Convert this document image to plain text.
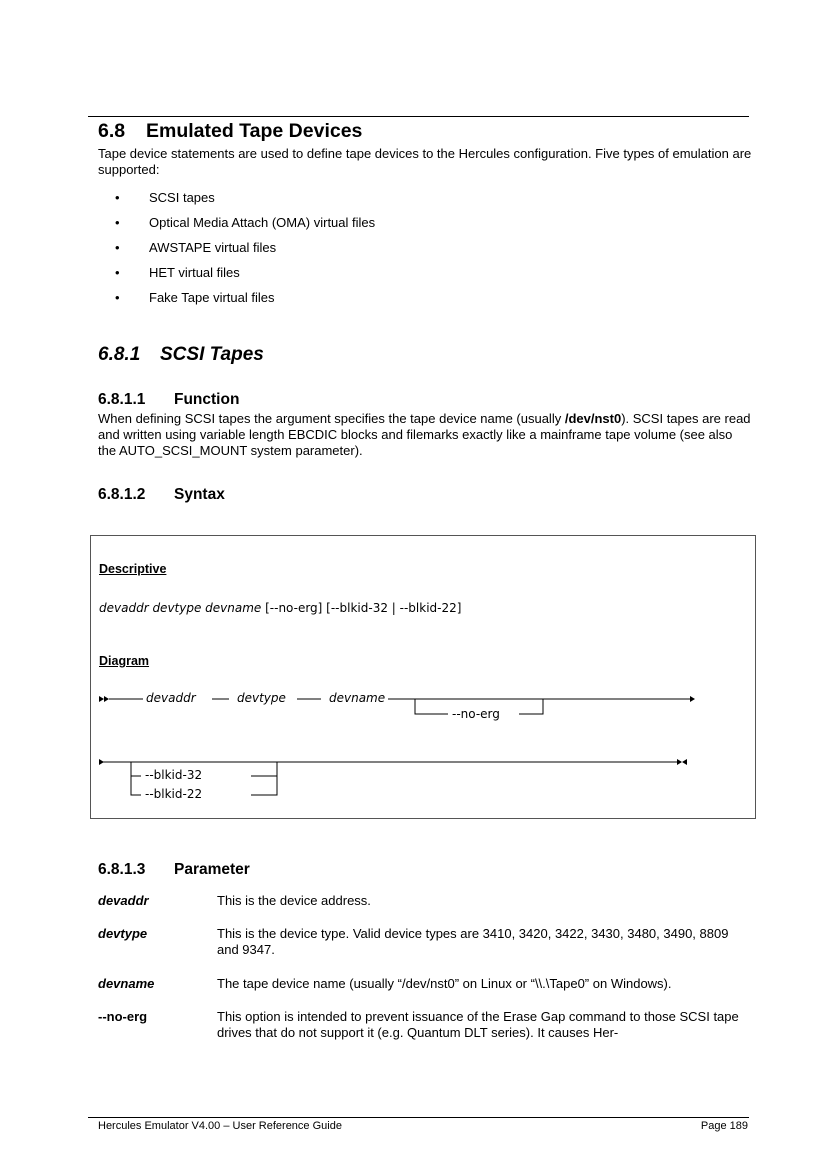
6.8 Emulated Tape Devices

Tape device statements are used to define tape devices to the Hercules configuration. Five types of emulation are supported:

• SCSI tapes
• Optical Media Attach (OMA) virtual files
• AWSTAPE virtual files
• HET virtual files
• Fake Tape virtual files
6.8.1 SCSI Tapes
6.8.1.1 Function

When defining SCSI tapes the argument specifies the tape device name (usually /dev/nst0). SCSI tapes are read and written using variable length EBCDIC blocks and filemarks exactly like a mainframe tape volume (see also the AUTO_SCSI_MOUNT system parameter).

6.8.1.2 Syntax
Descriptive
devaddr devtype devname [--no-erg] [--blkid-32 | --blkid-22]
Diagram
devaddr	devtype	devname
--no-erg
--blkid-32
--blkid-22
6.8.1.3 Parameter
devaddr	This is the device address.
devtype	This is the device type. Valid device types are 3410, 3420, 3422, 3430, 3480, 3490, 8809 and 9347.
devname	The tape device name (usually “/dev/nst0” on Linux or “\\.\Tape0” on Windows).
--no-erg	This option is intended to prevent issuance of the Erase Gap command to those SCSI tape drives that do not support it (e.g. Quantum DLT series). It causes Her-
Hercules Emulator V4.00 – User Reference Guide	Page 189
